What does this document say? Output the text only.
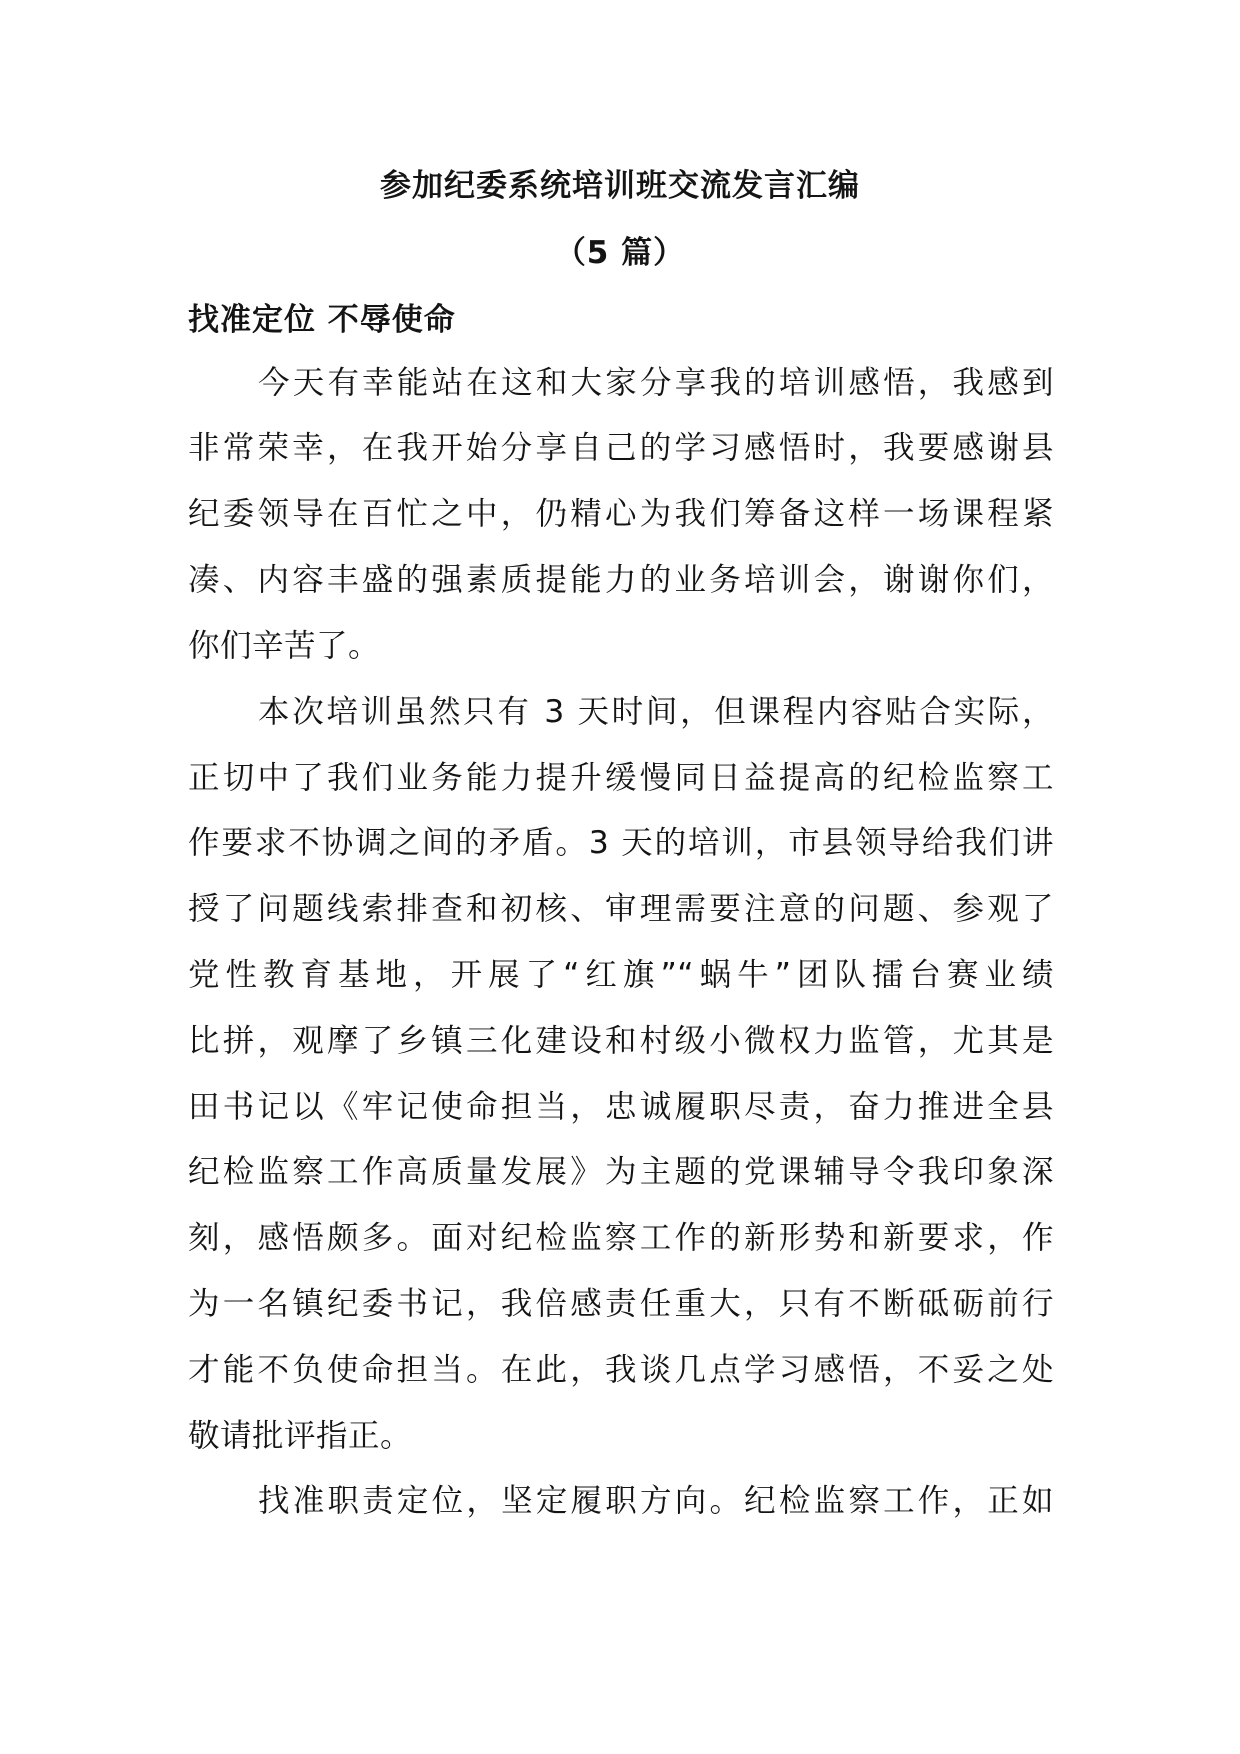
参加纪委系统培训班交流发言汇编
（5 篇）
找准定位 不辱使命

今天有幸能站在这和大家分享我的培训感悟，我感到

非常荣幸，在我开始分享自己的学习感悟时，我要感谢县

纪委领导在百忙之中，仍精心为我们筹备这样一场课程紧

凑、内容丰盛的强素质提能力的业务培训会，谢谢你们，

你们辛苦了。

本次培训虽然只有 3 天时间，但课程内容贴合实际，

正切中了我们业务能力提升缓慢同日益提高的纪检监察工

作要求不协调之间的矛盾。3 天的培训，市县领导给我们讲

授了问题线索排查和初核、审理需要注意的问题、参观了

党性教育基地，开展了“红旗”“蜗牛”团队擂台赛业绩

比拼，观摩了乡镇三化建设和村级小微权力监管，尤其是

田书记以《牢记使命担当，忠诚履职尽责，奋力推进全县

纪检监察工作高质量发展》为主题的党课辅导令我印象深

刻，感悟颇多。面对纪检监察工作的新形势和新要求，作

为一名镇纪委书记，我倍感责任重大，只有不断砥砺前行

才能不负使命担当。在此，我谈几点学习感悟，不妥之处

敬请批评指正。

找准职责定位，坚定履职方向。纪检监察工作，正如
